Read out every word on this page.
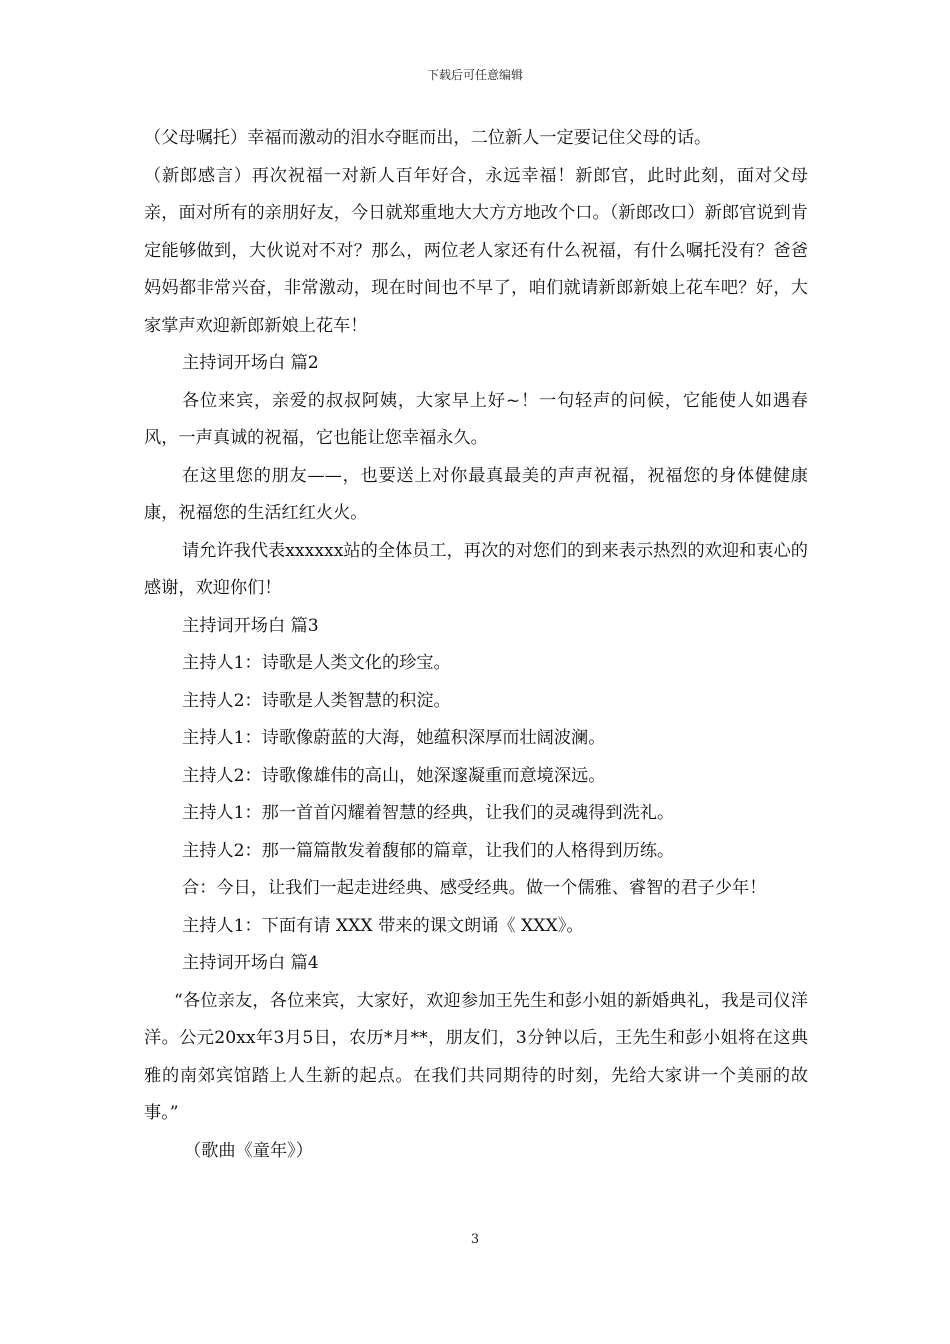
下载后可任意编辑

（父母嘱托）幸福而激动的泪水夺眶而出，二位新人一定要记住父母的话。

（新郎感言）再次祝福一对新人百年好合，永远幸福！新郎官，此时此刻，面对父母亲，面对所有的亲朋好友，今日就郑重地大大方方地改个口。（新郎改口）新郎官说到肯定能够做到，大伙说对不对？那么，两位老人家还有什么祝福，有什么嘱托没有？爸爸妈妈都非常兴奋，非常激动，现在时间也不早了，咱们就请新郎新娘上花车吧？好，大家掌声欢迎新郎新娘上花车！

主持词开场白 篇2

各位来宾，亲爱的叔叔阿姨，大家早上好~！一句轻声的问候，它能使人如遇春风，一声真诚的祝福，它也能让您幸福永久。

在这里您的朋友——，也要送上对你最真最美的声声祝福，祝福您的身体健健康康，祝福您的生活红红火火。

请允许我代表xxxxxx站的全体员工，再次的对您们的到来表示热烈的欢迎和衷心的感谢，欢迎你们！

主持词开场白 篇3

主持人1：诗歌是人类文化的珍宝。

主持人2：诗歌是人类智慧的积淀。

主持人1：诗歌像蔚蓝的大海，她蕴积深厚而壮阔波澜。

主持人2：诗歌像雄伟的高山，她深邃凝重而意境深远。

主持人1：那一首首闪耀着智慧的经典，让我们的灵魂得到洗礼。

主持人2：那一篇篇散发着馥郁的篇章，让我们的人格得到历练。

合：今日，让我们一起走进经典、感受经典。做一个儒雅、睿智的君子少年！

主持人1：下面有请 XXX 带来的课文朗诵《 XXX》。

主持词开场白 篇4

“各位亲友，各位来宾，大家好，欢迎参加王先生和彭小姐的新婚典礼，我是司仪洋洋。公元20xx年3月5日，农历*月**，朋友们，3分钟以后，王先生和彭小姐将在这典雅的南郊宾馆踏上人生新的起点。在我们共同期待的时刻，先给大家讲一个美丽的故事。”

（歌曲《童年》）

3
